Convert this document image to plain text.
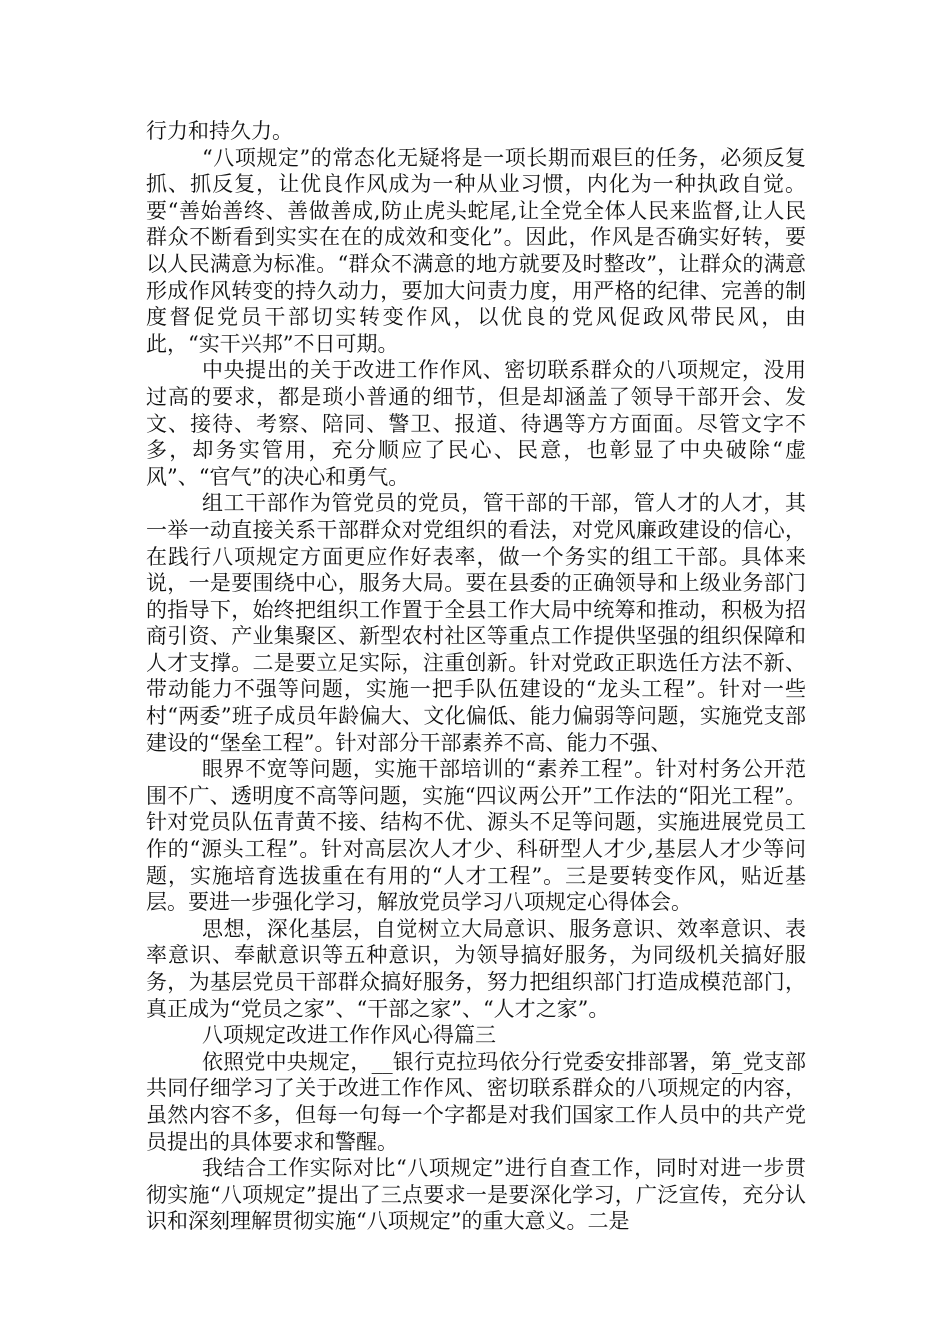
行力和持久力。

“八项规定”的常态化无疑将是一项长期而艰巨的任务，必须反复抓、抓反复，让优良作风成为一种从业习惯，内化为一种执政自觉。要“善始善终、善做善成,防止虎头蛇尾,让全党全体人民来监督,让人民群众不断看到实实在在的成效和变化”。因此，作风是否确实好转，要以人民满意为标准。“群众不满意的地方就要及时整改”，让群众的满意形成作风转变的持久动力，要加大问责力度，用严格的纪律、完善的制度督促党员干部切实转变作风，以优良的党风促政风带民风，由此，“实干兴邦”不日可期。

中央提出的关于改进工作作风、密切联系群众的八项规定，没用过高的要求，都是琐小普通的细节，但是却涵盖了领导干部开会、发文、接待、考察、陪同、警卫、报道、待遇等方方面面。尽管文字不多，却务实管用，充分顺应了民心、民意，也彰显了中央破除“虚风”、“官气”的决心和勇气。

组工干部作为管党员的党员，管干部的干部，管人才的人才，其一举一动直接关系干部群众对党组织的看法，对党风廉政建设的信心，在践行八项规定方面更应作好表率，做一个务实的组工干部。具体来说，一是要围绕中心，服务大局。要在县委的正确领导和上级业务部门的指导下，始终把组织工作置于全县工作大局中统筹和推动，积极为招商引资、产业集聚区、新型农村社区等重点工作提供坚强的组织保障和人才支撑。二是要立足实际，注重创新。针对党政正职选任方法不新、带动能力不强等问题，实施一把手队伍建设的“龙头工程”。针对一些村“两委”班子成员年龄偏大、文化偏低、能力偏弱等问题，实施党支部建设的“堡垒工程”。针对部分干部素养不高、能力不强、

眼界不宽等问题，实施干部培训的“素养工程”。针对村务公开范围不广、透明度不高等问题，实施“四议两公开”工作法的“阳光工程”。针对党员队伍青黄不接、结构不优、源头不足等问题，实施进展党员工作的“源头工程”。针对高层次人才少、科研型人才少,基层人才少等问题，实施培育选拔重在有用的“人才工程”。三是要转变作风，贴近基层。要进一步强化学习，解放党员学习八项规定心得体会。

思想，深化基层，自觉树立大局意识、服务意识、效率意识、表率意识、奉献意识等五种意识，为领导搞好服务，为同级机关搞好服务，为基层党员干部群众搞好服务，努力把组织部门打造成模范部门，真正成为“党员之家”、“干部之家”、“人才之家”。

八项规定改进工作作风心得篇三

依照党中央规定，__银行克拉玛依分行党委安排部署，第_党支部共同仔细学习了关于改进工作作风、密切联系群众的八项规定的内容，虽然内容不多，但每一句每一个字都是对我们国家工作人员中的共产党员提出的具体要求和警醒。

我结合工作实际对比“八项规定”进行自查工作，同时对进一步贯彻实施“八项规定”提出了三点要求一是要深化学习，广泛宣传，充分认识和深刻理解贯彻实施“八项规定”的重大意义。二是
